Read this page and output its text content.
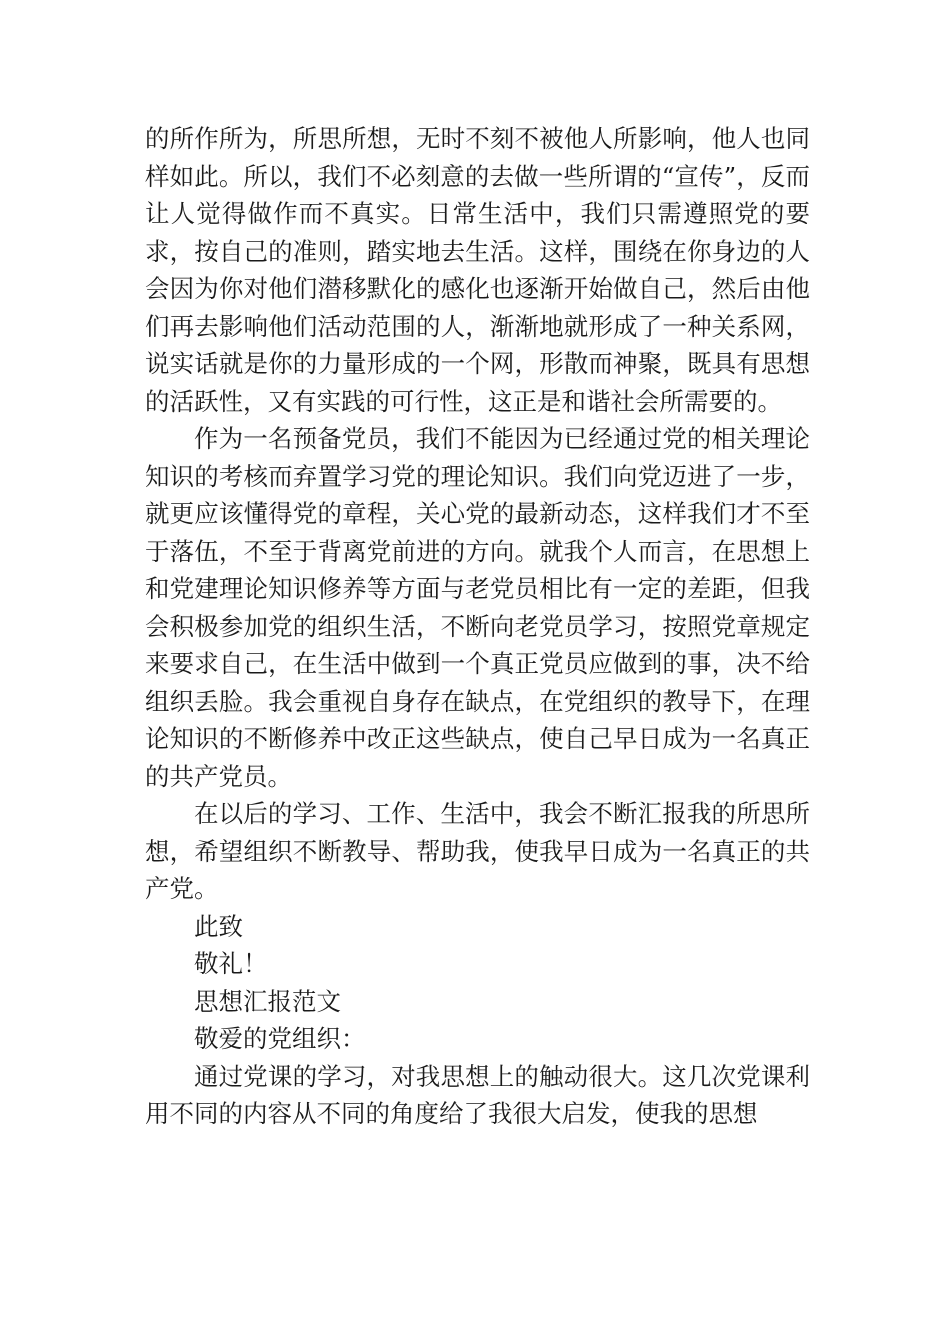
的所作所为，所思所想，无时不刻不被他人所影响，他人也同样如此。所以，我们不必刻意的去做一些所谓的“宣传”，反而让人觉得做作而不真实。日常生活中，我们只需遵照党的要求，按自己的准则，踏实地去生活。这样，围绕在你身边的人会因为你对他们潜移默化的感化也逐渐开始做自己，然后由他们再去影响他们活动范围的人，渐渐地就形成了一种关系网，说实话就是你的力量形成的一个网，形散而神聚，既具有思想的活跃性，又有实践的可行性，这正是和谐社会所需要的。

作为一名预备党员，我们不能因为已经通过党的相关理论知识的考核而弃置学习党的理论知识。我们向党迈进了一步，就更应该懂得党的章程，关心党的最新动态，这样我们才不至于落伍，不至于背离党前进的方向。就我个人而言，在思想上和党建理论知识修养等方面与老党员相比有一定的差距，但我会积极参加党的组织生活，不断向老党员学习，按照党章规定来要求自己，在生活中做到一个真正党员应做到的事，决不给组织丢脸。我会重视自身存在缺点，在党组织的教导下，在理论知识的不断修养中改正这些缺点，使自己早日成为一名真正的共产党员。

在以后的学习、工作、生活中，我会不断汇报我的所思所想，希望组织不断教导、帮助我，使我早日成为一名真正的共产党。

此致

敬礼！

思想汇报范文

敬爱的党组织：

通过党课的学习，对我思想上的触动很大。这几次党课利用不同的内容从不同的角度给了我很大启发，使我的思想
